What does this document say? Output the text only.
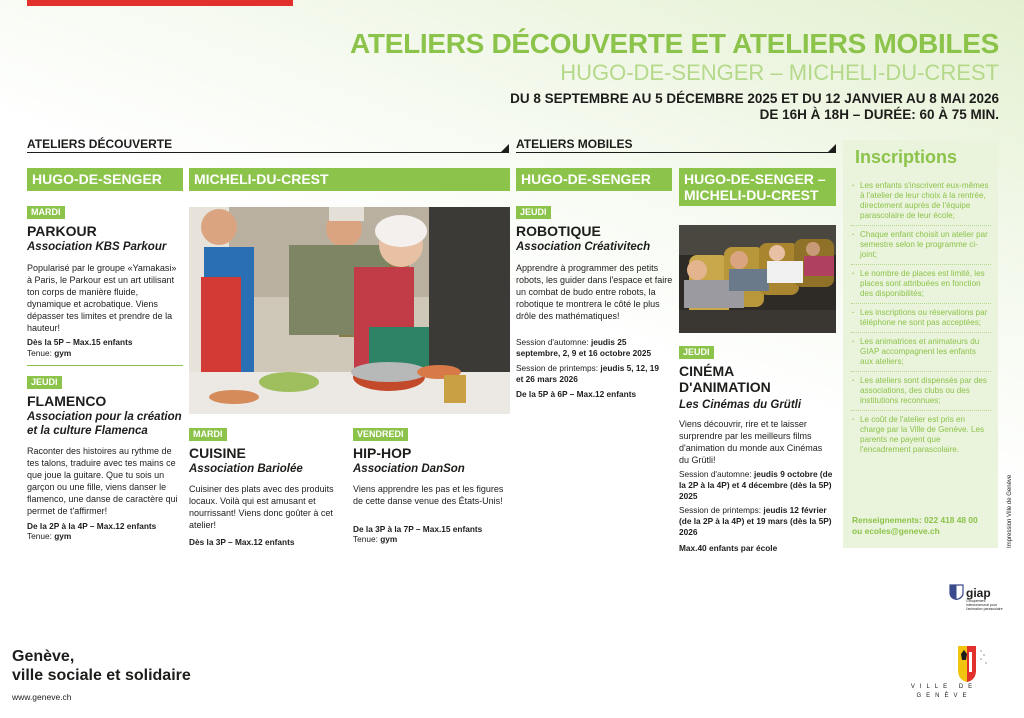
ATELIERS DÉCOUVERTE ET ATELIERS MOBILES
HUGO-DE-SENGER – MICHELI-DU-CREST
DU 8 SEPTEMBRE AU 5 DÉCEMBRE 2025 ET DU 12 JANVIER AU 8 MAI 2026
DE 16H À 18H – DURÉE: 60 À 75 MIN.
ATELIERS DÉCOUVERTE	ATELIERS MOBILES
HUGO-DE-SENGER	MICHELI-DU-CREST	HUGO-DE-SENGER	HUGO-DE-SENGER –
MICHELI-DU-CREST
MARDI
PARKOUR
Association KBS Parkour
Popularisé par le groupe «Yamakasi» à Paris, le Parkour est un art utilisant ton corps de manière fluide, dynamique et acrobatique. Viens dépasser tes limites et prendre de la hauteur!
Dès la 5P – Max.15 enfants
Tenue: gym
JEUDI
FLAMENCO
Association pour la création
et la culture Flamenca
Raconter des histoires au rythme de tes talons, traduire avec tes mains ce que joue la guitare. Que tu sois un garçon ou une fille, viens danser le flamenco, une danse de caractère qui permet de t'affirmer!
De la 2P à la 4P – Max.12 enfants
Tenue: gym
MARDI
CUISINE
Association Bariolée
Cuisiner des plats avec des produits locaux. Voilà qui est amusant et nourrissant! Viens donc goûter à cet atelier!
Dès la 3P – Max.12 enfants
VENDREDI
HIP-HOP
Association DanSon
Viens apprendre les pas et les figures de cette danse venue des États-Unis!
De la 3P à la 7P – Max.15 enfants
Tenue: gym
JEUDI
ROBOTIQUE
Association Créativitech
Apprendre à programmer des petits robots, les guider dans l'espace et faire un combat de budo entre robots, la robotique te montrera le côté le plus drôle des mathématiques!
Session d'automne: jeudis 25 septembre, 2, 9 et 16 octobre 2025
Session de printemps: jeudis 5, 12, 19 et 26 mars 2026
De la 5P à 6P – Max.12 enfants
JEUDI
CINÉMA
D'ANIMATION
Les Cinémas du Grütli
Viens découvrir, rire et te laisser surprendre par les meilleurs films d'animation du monde aux Cinémas du Grütli!
Session d'automne: jeudis 9 octobre (de la 2P à la 4P) et 4 décembre (dès la 5P) 2025
Session de printemps: jeudis 12 février (de la 2P à la 4P) et 19 mars (dès la 5P) 2026
Max.40 enfants par école
Inscriptions
· Les enfants s'inscrivent eux-mêmes à l'atelier de leur choix à la rentrée, directement auprès de l'équipe parascolaire de leur école;
· Chaque enfant choisit un atelier par semestre selon le programme ci-joint;
· Le nombre de places est limité, les places sont attribuées en fonction des disponibilités;
· Les inscriptions ou réservations par téléphone ne sont pas acceptées;
· Les animatrices et animateurs du GIAP accompagnent les enfants aux ateliers;
· Les ateliers sont dispensés par des associations, des clubs ou des institutions reconnues;
· Le coût de l'atelier est pris en charge par la Ville de Genève. Les parents ne payent que l'encadrement parascolaire.
Renseignements: 022 418 48 00
ou ecoles@geneve.ch	Impression Ville de Genève
Genève,
ville sociale et solidaire
www.geneve.ch
giap
Groupement intercommunal pour l'animation parascolaire
VILLE DE
GENÈVE
